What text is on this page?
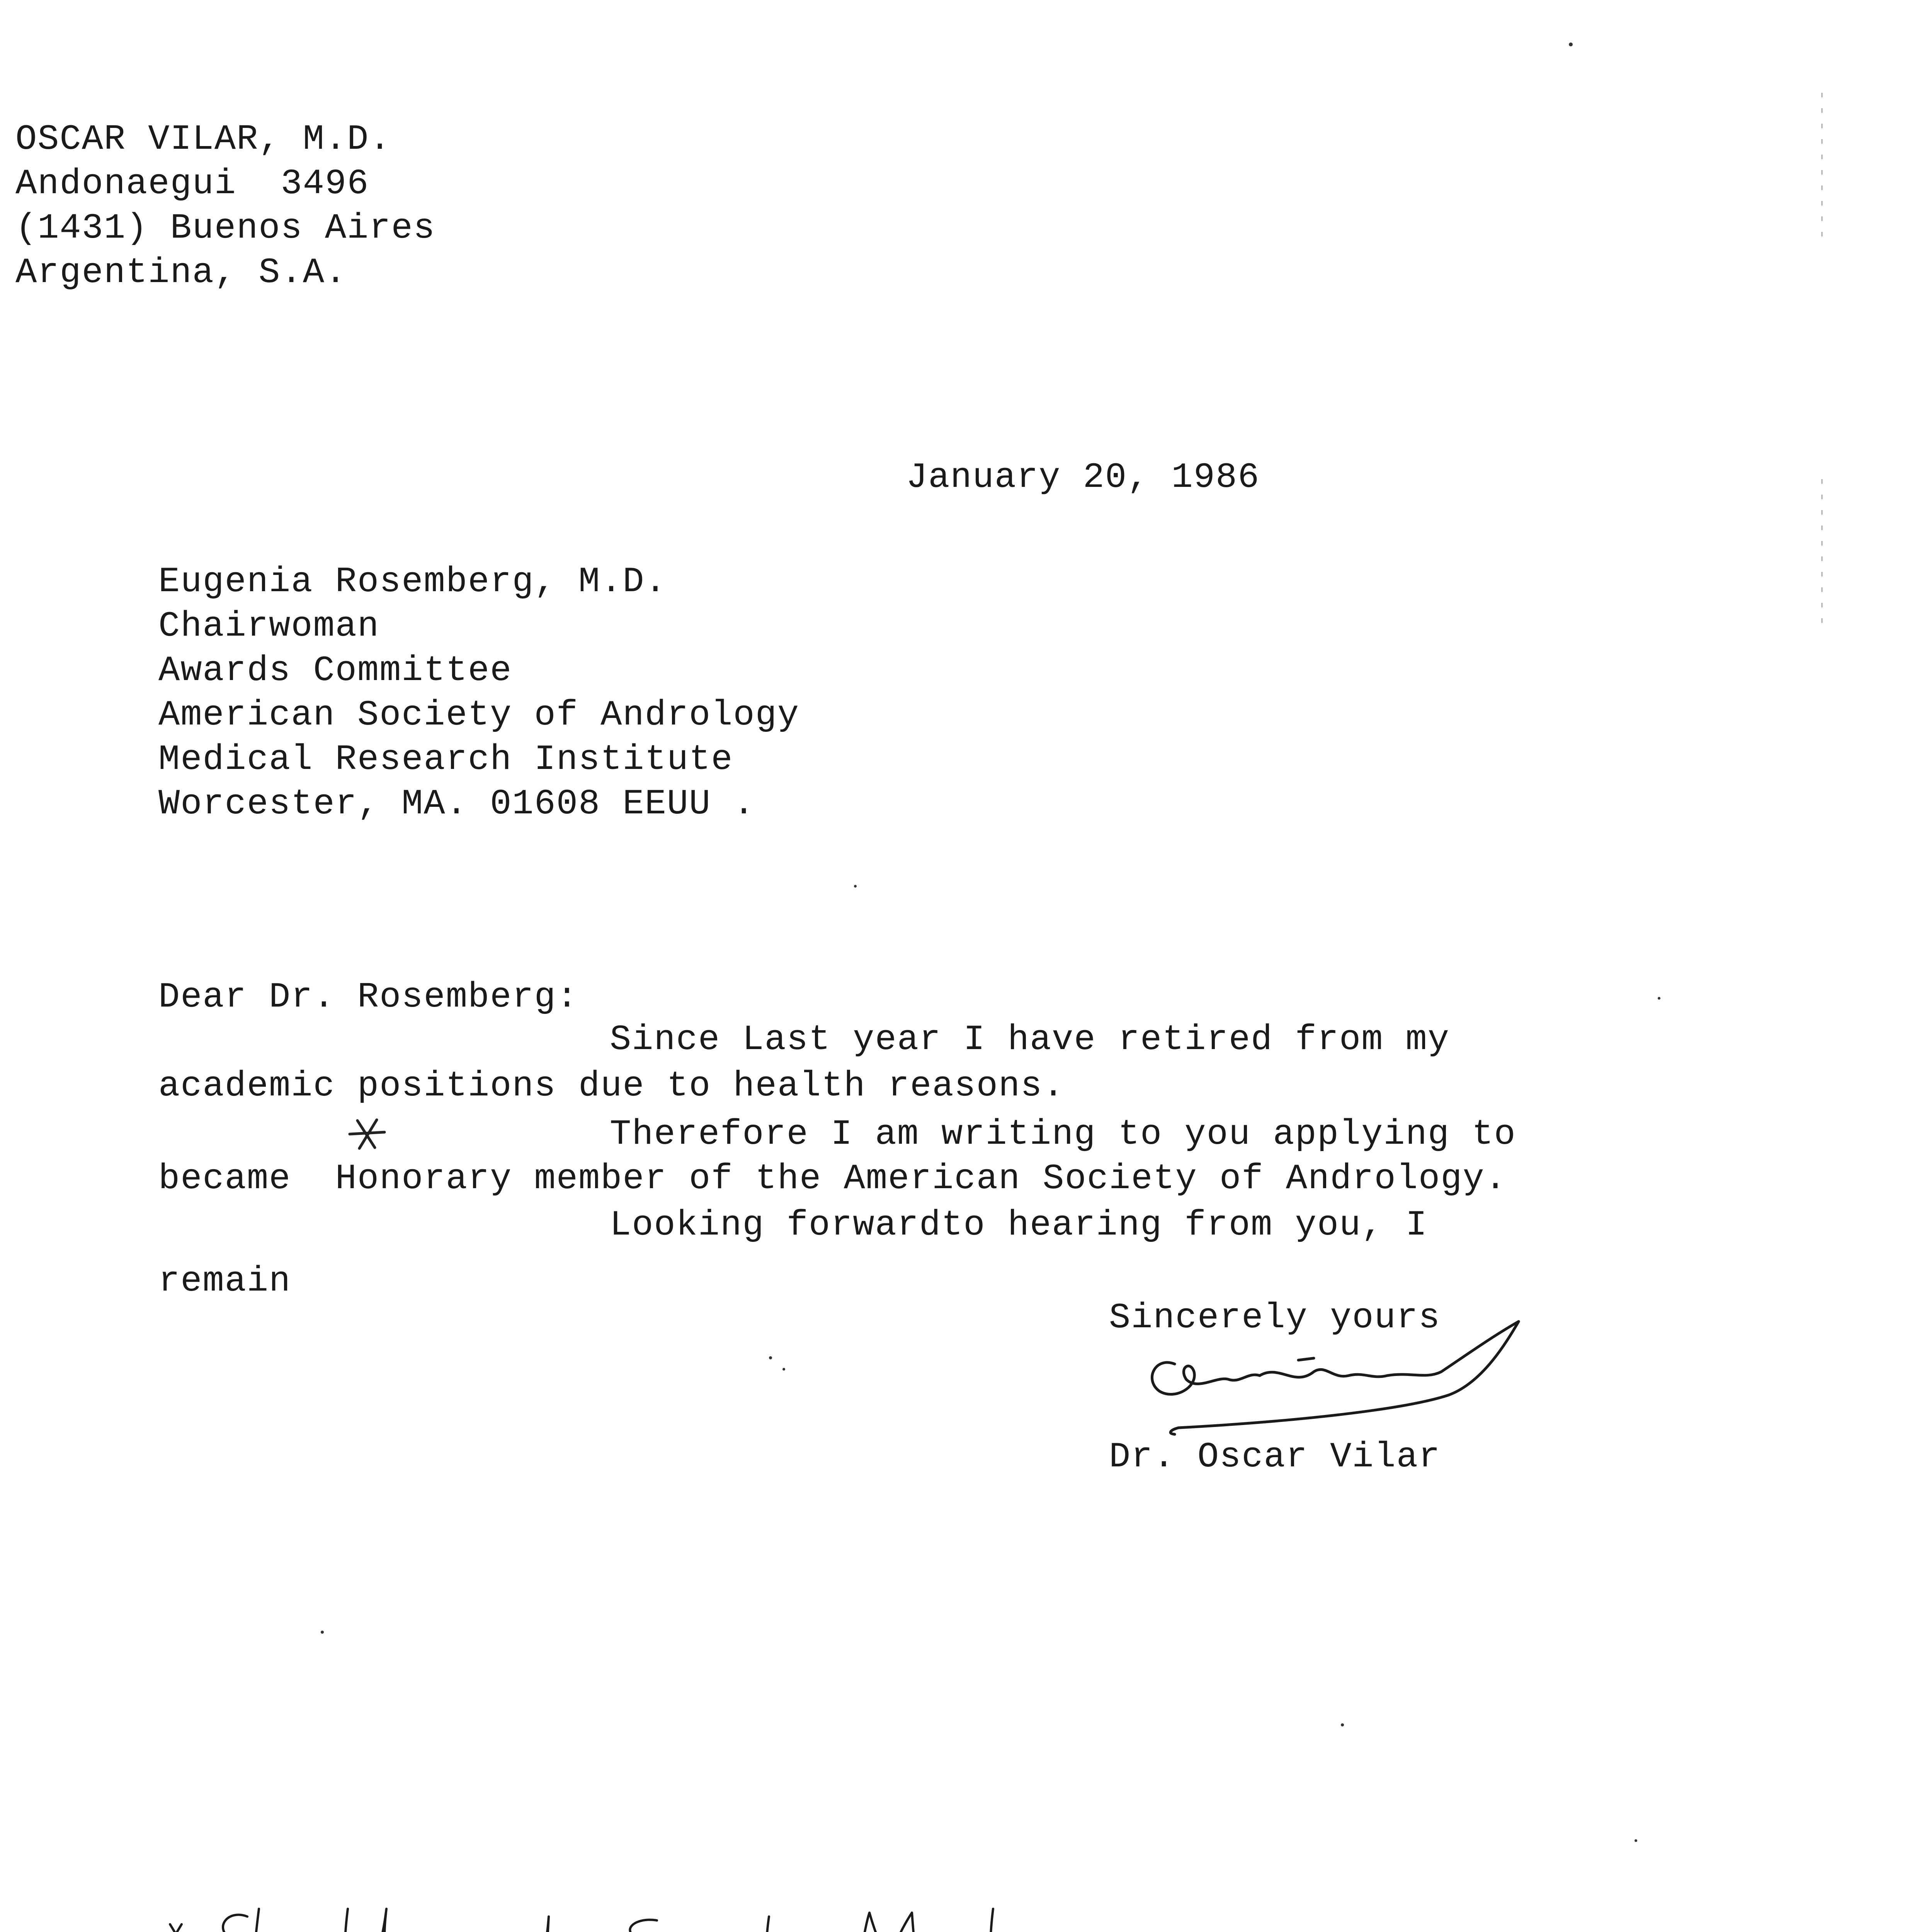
OSCAR VILAR, M.D.
Andonaegui  3496
(1431) Buenos Aires
Argentina, S.A.
January 20, 1986
Eugenia Rosemberg, M.D.
Chairwoman
Awards Committee
American Society of Andrology
Medical Research Institute
Worcester, MA. 01608 EEUU .
Dear Dr. Rosemberg:
Since Last year I have retired from my
academic positions due to health reasons.
Therefore I am writing to you applying to
became  Honorary member of the American Society of Andrology.
Looking forwardto hearing from you, I
remain
Sincerely yours
Dr. Oscar Vilar
